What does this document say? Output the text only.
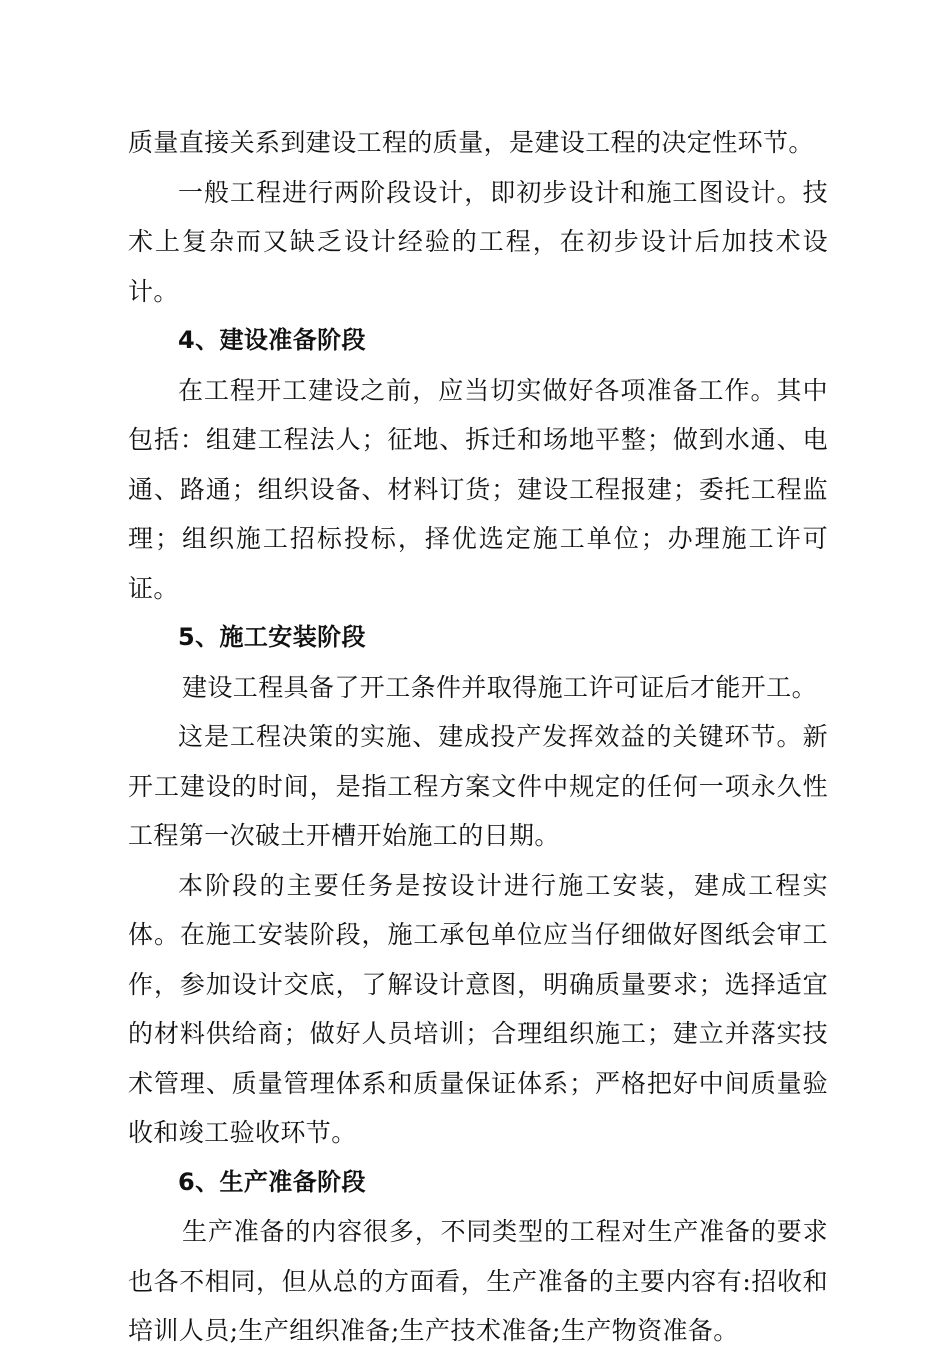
质量直接关系到建设工程的质量，是建设工程的决定性环节。

一般工程进行两阶段设计，即初步设计和施工图设计。技术上复杂而又缺乏设计经验的工程，在初步设计后加技术设计。

4、建设准备阶段

在工程开工建设之前，应当切实做好各项准备工作。其中包括：组建工程法人；征地、拆迁和场地平整；做到水通、电通、路通；组织设备、材料订货；建设工程报建；委托工程监理；组织施工招标投标，择优选定施工单位；办理施工许可证。

5、施工安装阶段

建设工程具备了开工条件并取得施工许可证后才能开工。

这是工程决策的实施、建成投产发挥效益的关键环节。新开工建设的时间，是指工程方案文件中规定的任何一项永久性工程第一次破土开槽开始施工的日期。

本阶段的主要任务是按设计进行施工安装，建成工程实体。在施工安装阶段，施工承包单位应当仔细做好图纸会审工作，参加设计交底，了解设计意图，明确质量要求；选择适宜的材料供给商；做好人员培训；合理组织施工；建立并落实技术管理、质量管理体系和质量保证体系；严格把好中间质量验收和竣工验收环节。

6、生产准备阶段

生产准备的内容很多，不同类型的工程对生产准备的要求也各不相同，但从总的方面看，生产准备的主要内容有:招收和培训人员;生产组织准备;生产技术准备;生产物资准备。
